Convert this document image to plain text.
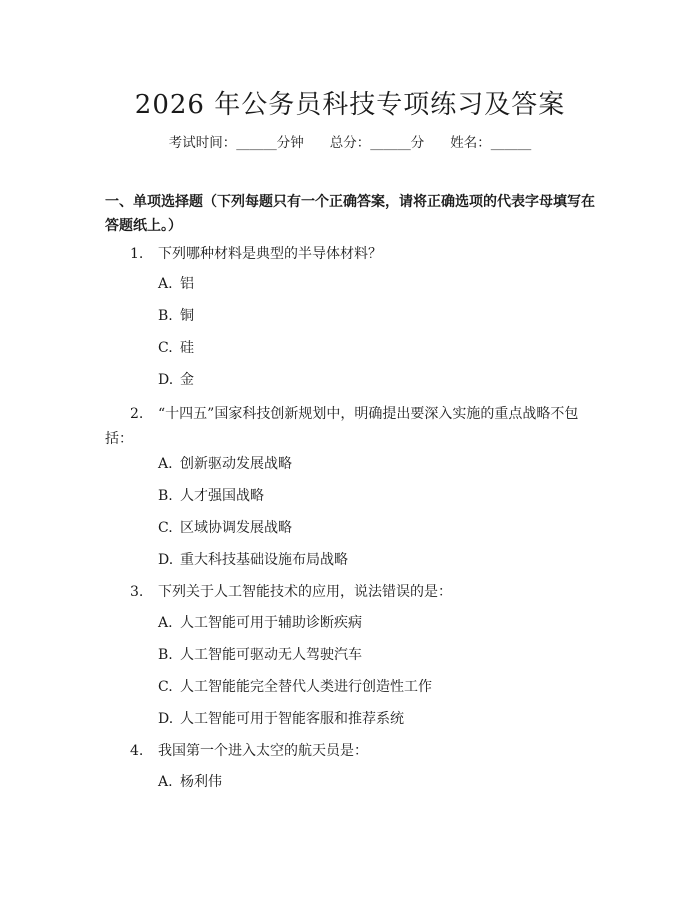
2026 年公务员科技专项练习及答案
考试时间：______分钟 总分：______分 姓名：______
一、单项选择题（下列每题只有一个正确答案，请将正确选项的代表字母填写在答题纸上。）
1. 下列哪种材料是典型的半导体材料？
A. 铝
B. 铜
C. 硅
D. 金
2. “十四五”国家科技创新规划中，明确提出要深入实施的重点战略不包
括：
A. 创新驱动发展战略
B. 人才强国战略
C. 区域协调发展战略
D. 重大科技基础设施布局战略
3. 下列关于人工智能技术的应用，说法错误的是：
A. 人工智能可用于辅助诊断疾病
B. 人工智能可驱动无人驾驶汽车
C. 人工智能能完全替代人类进行创造性工作
D. 人工智能可用于智能客服和推荐系统
4. 我国第一个进入太空的航天员是：
A. 杨利伟
